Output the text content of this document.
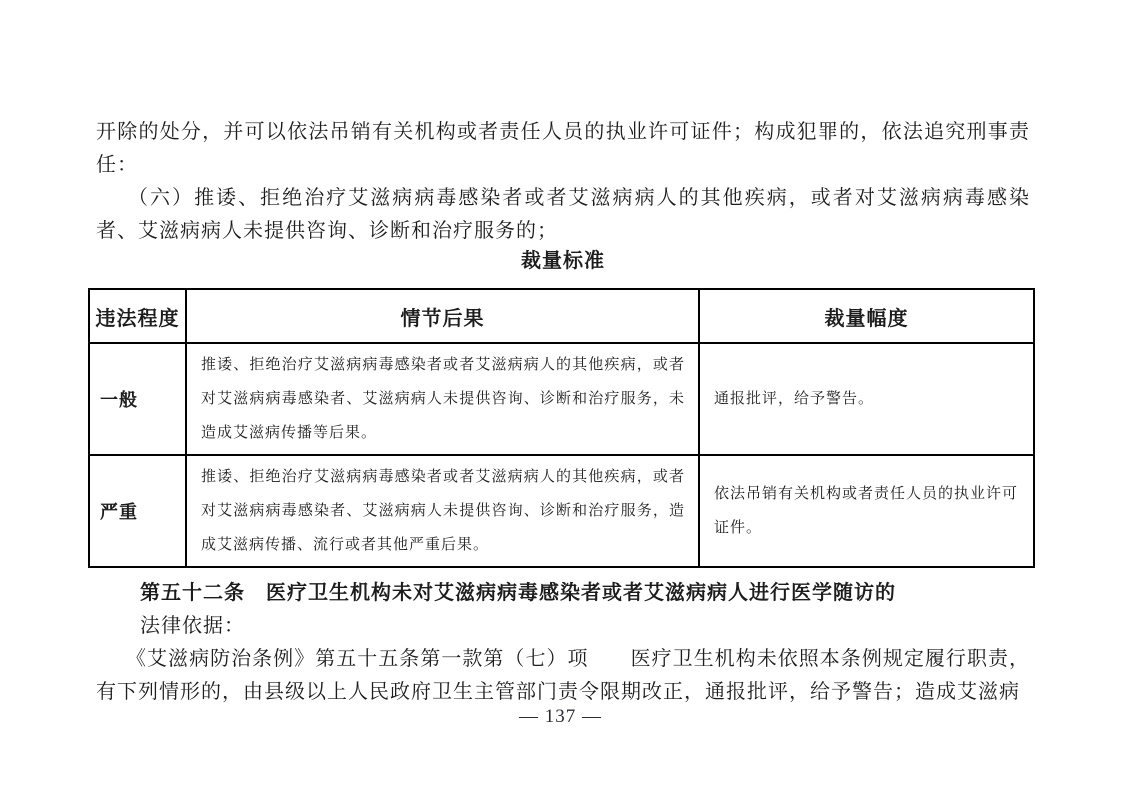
开除的处分，并可以依法吊销有关机构或者责任人员的执业许可证件；构成犯罪的，依法追究刑事责任：

（六）推诿、拒绝治疗艾滋病病毒感染者或者艾滋病病人的其他疾病，或者对艾滋病病毒感染者、艾滋病病人未提供咨询、诊断和治疗服务的；

裁量标准
违法程度	情节后果	裁量幅度
一般	推诿、拒绝治疗艾滋病病毒感染者或者艾滋病病人的其他疾病，或者对艾滋病病毒感染者、艾滋病病人未提供咨询、诊断和治疗服务，未造成艾滋病传播等后果。	通报批评，给予警告。
严重	推诿、拒绝治疗艾滋病病毒感染者或者艾滋病病人的其他疾病，或者对艾滋病病毒感染者、艾滋病病人未提供咨询、诊断和治疗服务，造成艾滋病传播、流行或者其他严重后果。	依法吊销有关机构或者责任人员的执业许可证件。

第五十二条　医疗卫生机构未对艾滋病病毒感染者或者艾滋病病人进行医学随访的

法律依据：

《艾滋病防治条例》第五十五条第一款第（七）项　　医疗卫生机构未依照本条例规定履行职责，有下列情形的，由县级以上人民政府卫生主管部门责令限期改正，通报批评，给予警告；造成艾滋病

— 137 —
